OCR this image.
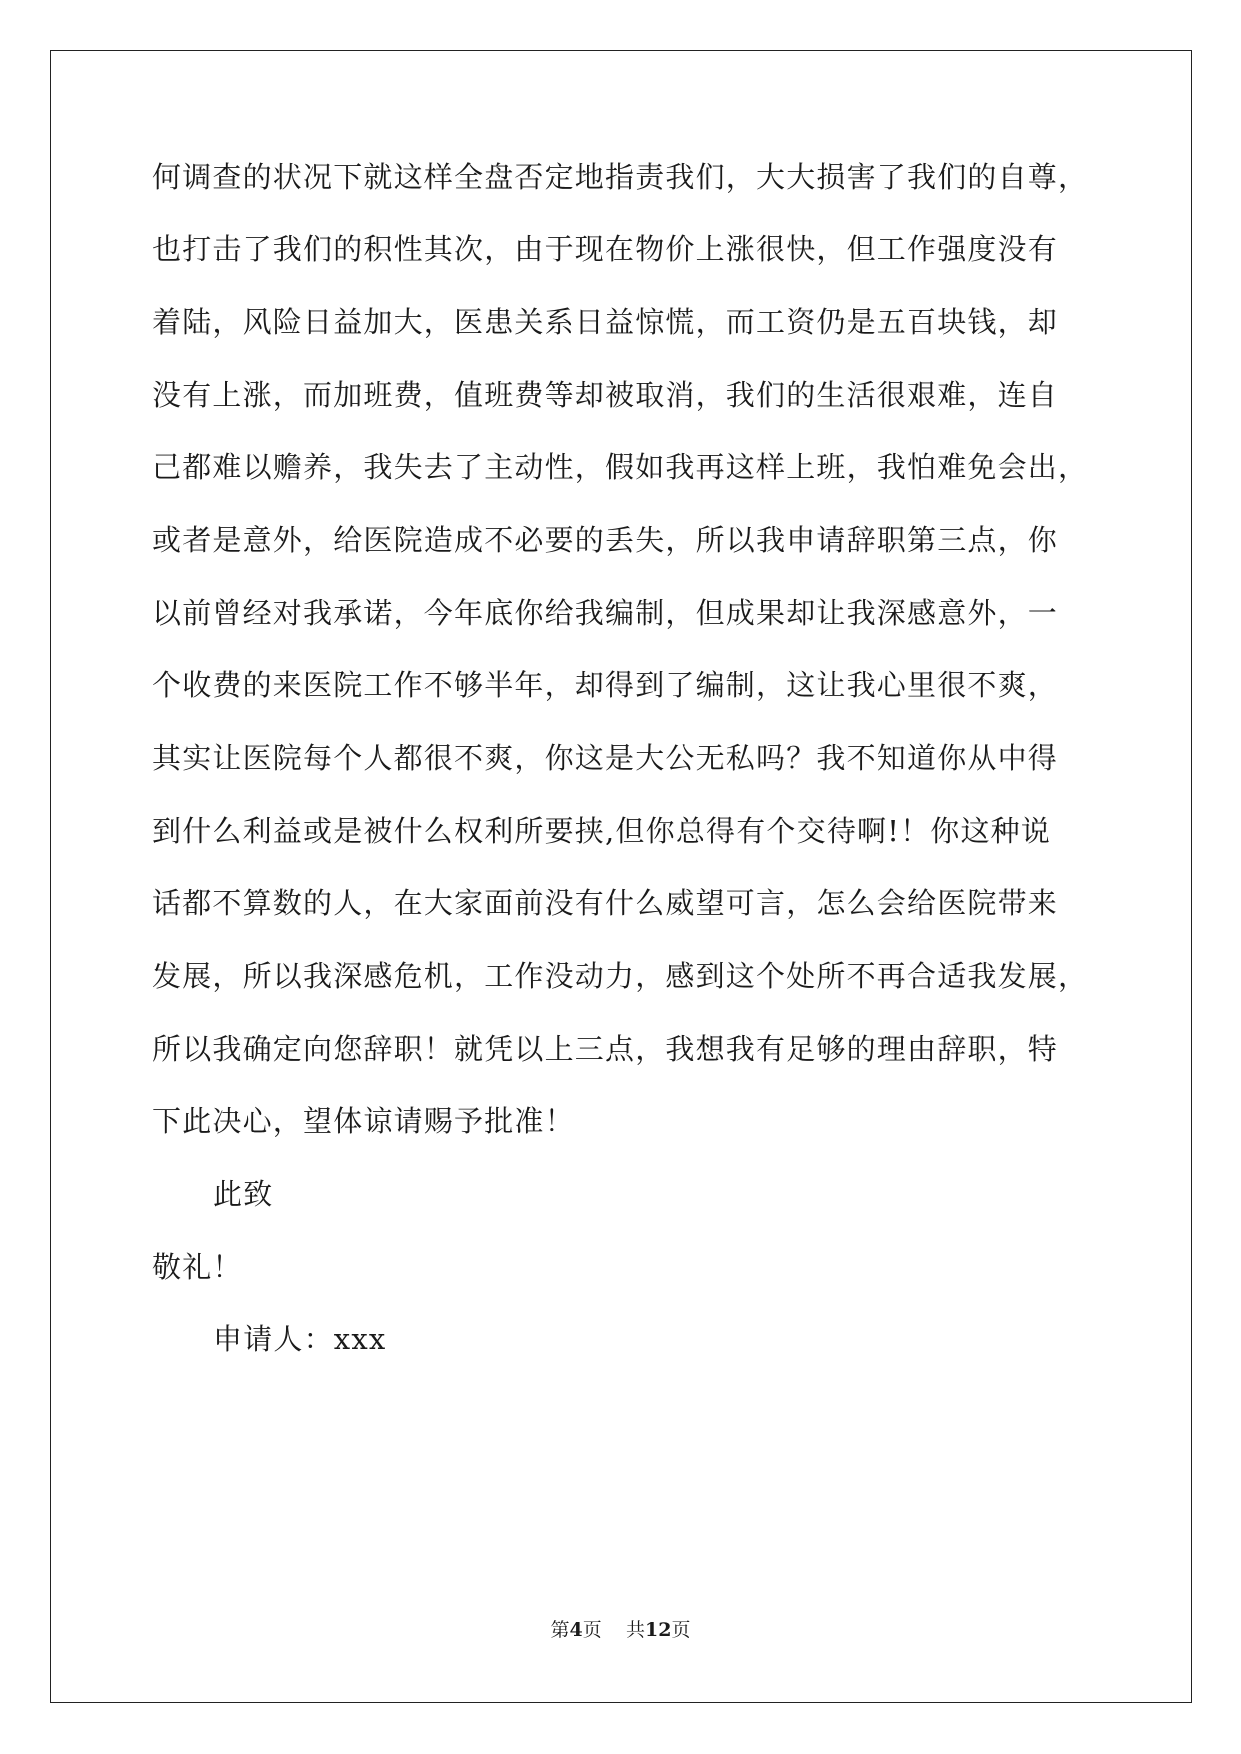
何调查的状况下就这样全盘否定地指责我们，大大损害了我们的自尊，
也打击了我们的积性其次，由于现在物价上涨很快，但工作强度没有
着陆，风险日益加大，医患关系日益惊慌，而工资仍是五百块钱，却
没有上涨，而加班费，值班费等却被取消，我们的生活很艰难，连自
己都难以赡养，我失去了主动性，假如我再这样上班，我怕难免会出，
或者是意外，给医院造成不必要的丢失，所以我申请辞职第三点，你
以前曾经对我承诺，今年底你给我编制，但成果却让我深感意外，一
个收费的来医院工作不够半年，却得到了编制，这让我心里很不爽，
其实让医院每个人都很不爽，你这是大公无私吗？我不知道你从中得
到什么利益或是被什么权利所要挟,但你总得有个交待啊!！你这种说
话都不算数的人，在大家面前没有什么威望可言，怎么会给医院带来
发展，所以我深感危机，工作没动力，感到这个处所不再合适我发展，
所以我确定向您辞职！就凭以上三点，我想我有足够的理由辞职，特
下此决心，望体谅请赐予批准！
此致
敬礼！
申请人：xxx
第4页 共12页
